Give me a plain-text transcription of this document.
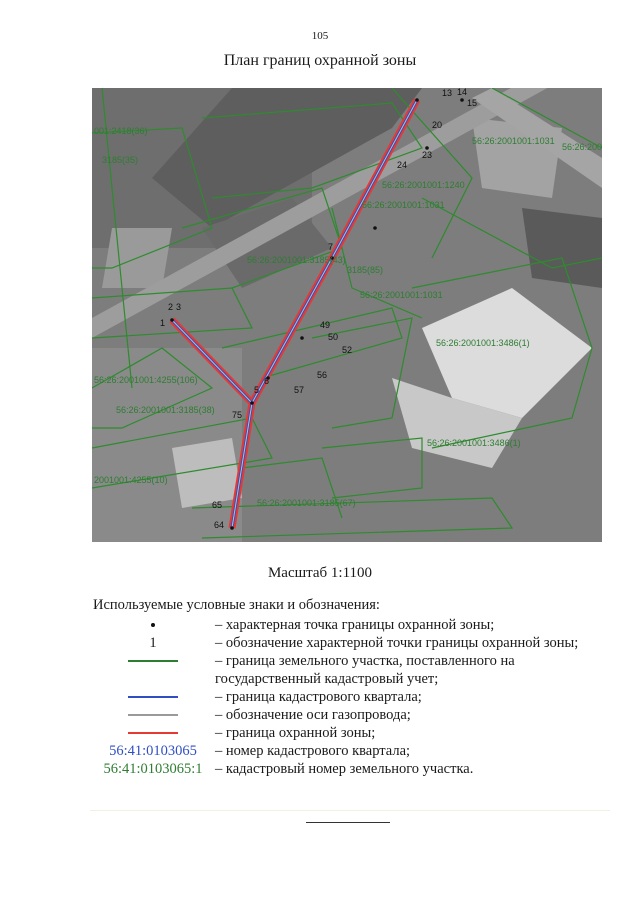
105
План границ охранной зоны
1
2 3
7
5
6
13 14
15
20
23
24
49
50
52
56
57
75
65
64
56:26:2001001:3486(1)
56:26:2001001:3486(1)
001:2418(36)
3185(35)
56:26:2001001:1240
56:26:2001001:1031
56:26:2001001:1031
3185(85)
56:26:2001001:3185(43)
56:26:2001001:4255(106)
56:26:2001001:3185(38)
2001001:4255(10)
56:26:2001001:3185(67)
56:26:2001001:1031
56:26:200
Масштаб 1:1100
Используемые условные знаки и обозначения:
– характерная точка границы охранной зоны;
1	– обозначение характерной точки границы охранной зоны;
– граница земельного участка, поставленного на государственный кадастровый учет;
– граница кадастрового квартала;
– обозначение оси газопровода;
– граница охранной зоны;
56:41:0103065	– номер кадастрового квартала;
56:41:0103065:1 – кадастровый номер земельного участка.
